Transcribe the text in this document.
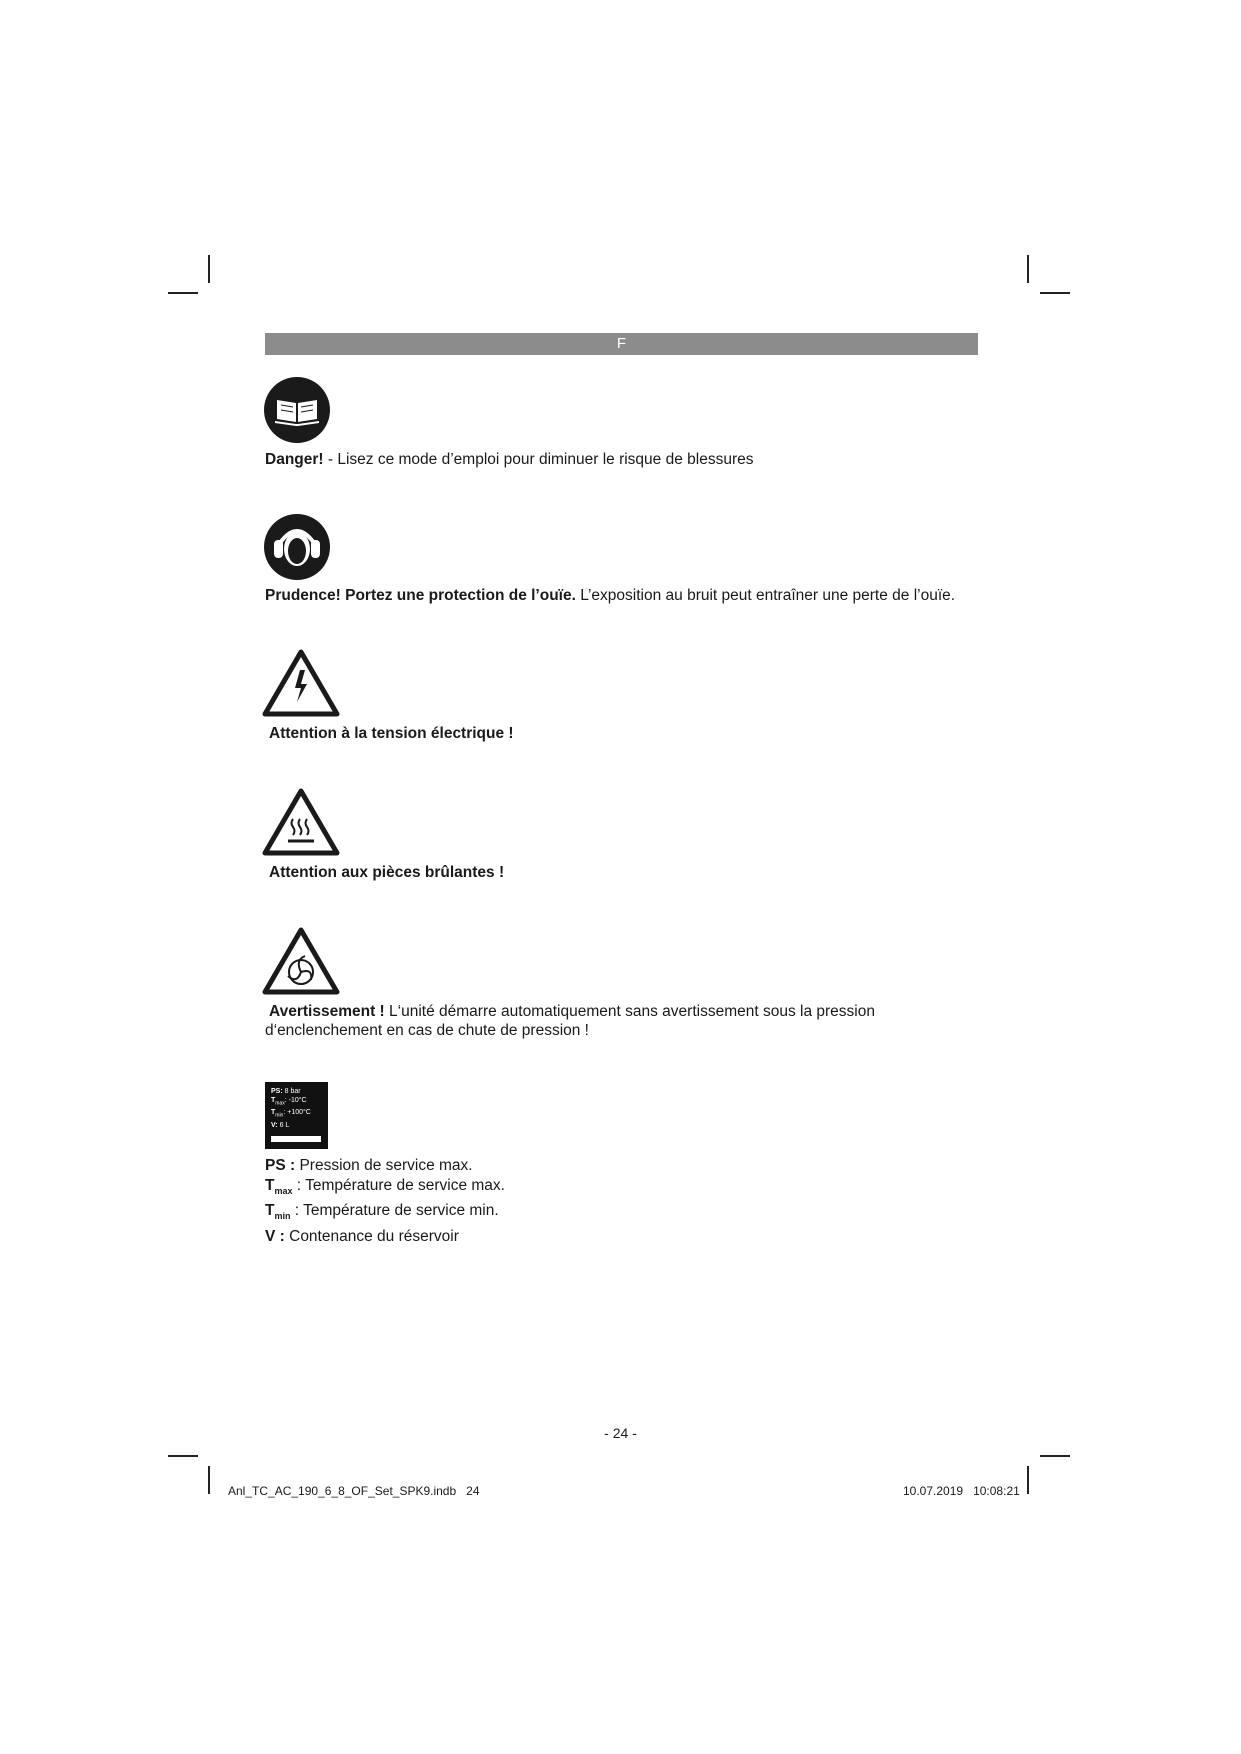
F
Danger! - Lisez ce mode d’emploi pour diminuer le risque de blessures
Prudence! Portez une protection de l’ouïe. L’exposition au bruit peut entraîner une perte de l’ouïe.
Attention à la tension électrique !
Attention aux pièces brûlantes !
Avertissement ! L‘unité démarre automatiquement sans avertissement sous la pression
d‘enclenchement en cas de chute de pression !
PS: 8 bar
$T_{max}$: -10°C
$T_{min}$: +100°C
V: 6 L
PS : Pression de service max.
$T_{max}$ : Température de service max.
$T_{min}$ : Température de service min.
V : Contenance du réservoir
- 24 -
Anl_TC_AC_190_6_8_OF_Set_SPK9.indb   24	10.07.2019 10:08:21
